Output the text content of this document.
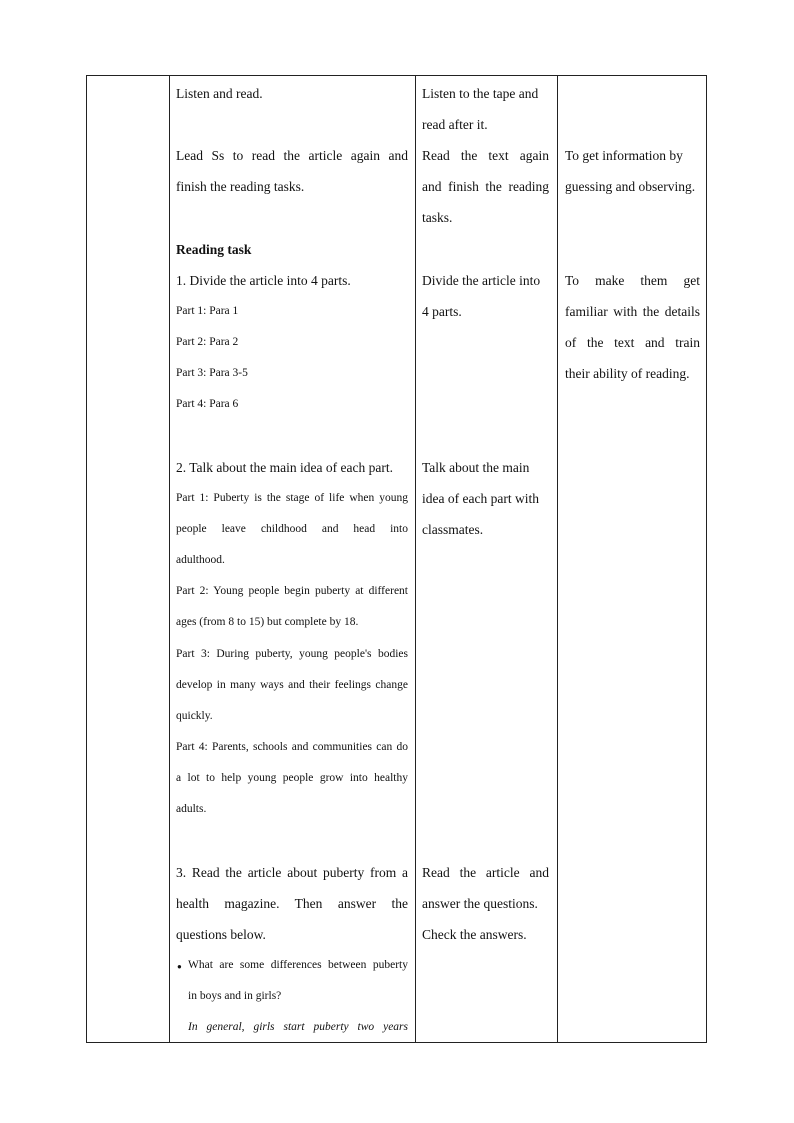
Listen and read.
Lead Ss to read the article again and
finish the reading tasks.
Reading task
1. Divide the article into 4 parts.
Part 1: Para 1
Part 2: Para 2
Part 3: Para 3-5
Part 4: Para 6
2. Talk about the main idea of each part.
Part 1: Puberty is the stage of life when young
people leave childhood and head into
adulthood.
Part 2: Young people begin puberty at different
ages (from 8 to 15) but complete by 18.
Part 3: During puberty, young people's bodies
develop in many ways and their feelings change
quickly.
Part 4: Parents, schools and communities can do
a lot to help young people grow into healthy
adults.
3. Read the article about puberty from a
health magazine. Then answer the
questions below.
● What are some differences between puberty
in boys and in girls?
In general, girls start puberty two years
Listen to the tape and
read after it.
Read the text again
and finish the reading
tasks.
Divide the article into
4 parts.
Talk about the main
idea of each part with
classmates.
Read the article and
answer the questions.
Check the answers.
To get information by
guessing and observing.
To make them get
familiar with the details
of the text and train
their ability of reading.
